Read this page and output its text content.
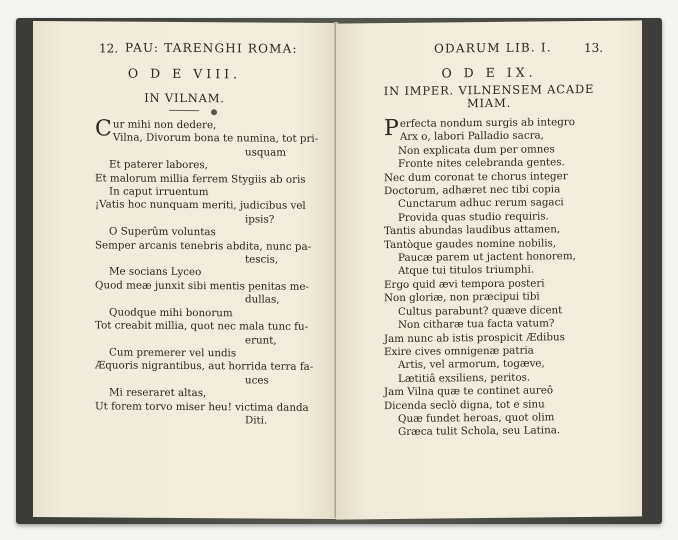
12. PAU: TARENGHI ROMA:
O D E VIII.
IN VILNAM.
C ur mihi non dedere,
Vilna, Divorum bona te numina, tot pri-
usquam
Et paterer labores,
Et malorum millia ferrem Stygiis ab oris
In caput irruentum
¡Vatis hoc nunquam meriti, judicibus vel
ipsis?
O Superûm voluntas
Semper arcanis tenebris abdita, nunc pa-
tescis,
Me socians Lyceo
Quod meæ junxit sibi mentis penitas me-
dullas,
Quodque mihi bonorum
Tot creabit millia, quot nec mala tunc fu-
erunt,
Cum premerer vel undis
Æquoris nigrantibus, aut horrida terra fa-
uces
Mi reseraret altas,
Ut forem torvo miser heu! victima danda
Diti.
ODARUM LIB. I.	13.
O D E IX.
IN IMPER. VILNENSEM ACADE
MIAM.
P erfecta nondum surgis ab integro
Arx o, labori Palladio sacra,
Non explicata dum per omnes
Fronte nites celebranda gentes.
Nec dum coronat te chorus integer
Doctorum, adhæret nec tibi copia
Cunctarum adhuc rerum sagaci
Provida quas studio requiris.
Tantis abundas laudibus attamen,
Tantòque gaudes nomine nobilis,
Paucæ parem ut jactent honorem,
Atque tui titulos triumphi.
Ergo quid ævi tempora posteri
Non gloriæ, non præcipui tibi
Cultus parabunt? quæve dicent
Non citharæ tua facta vatum?
Jam nunc ab istis prospicit Ædibus
Exire cives omnigenæ patria
Artis, vel armorum, togæve,
Lætitiâ exsiliens, peritos.
Jam Vilna quæ te continet aureô
Dicenda seclò digna, tot e sinu
Quæ fundet heroas, quot olim
Græca tulit Schola, seu Latina.
